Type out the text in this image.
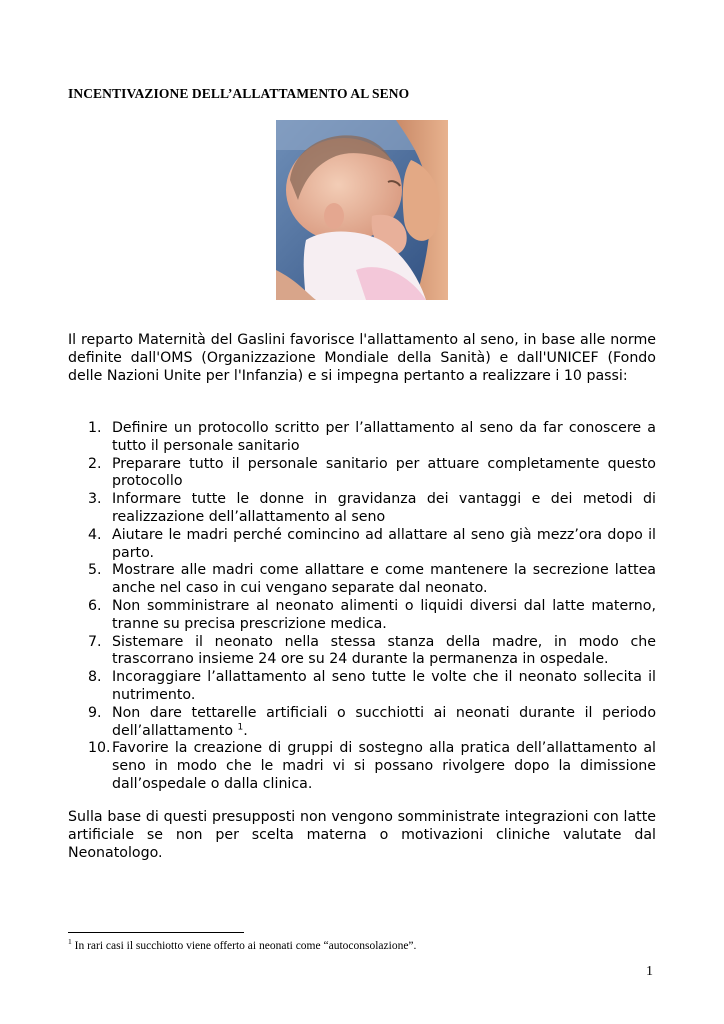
INCENTIVAZIONE DELL’ALLATTAMENTO AL SENO

Il reparto Maternità del Gaslini favorisce l'allattamento al seno, in base alle norme definite dall'OMS (Organizzazione Mondiale della Sanità) e dall'UNICEF (Fondo delle Nazioni Unite per l'Infanzia) e si impegna pertanto a realizzare i 10 passi:

1. Definire un protocollo scritto per l’allattamento al seno da far conoscere a tutto il personale sanitario
2. Preparare tutto il personale sanitario per attuare completamente questo protocollo
3. Informare tutte le donne in gravidanza dei vantaggi e dei metodi di realizzazione dell’allattamento al seno
4. Aiutare le madri perché comincino ad allattare al seno già mezz’ora dopo il parto.
5. Mostrare alle madri come allattare e come mantenere la secrezione lattea anche nel caso in cui vengano separate dal neonato.
6. Non somministrare al neonato alimenti o liquidi diversi dal latte materno, tranne su precisa prescrizione medica.
7. Sistemare il neonato nella stessa stanza della madre, in modo che trascorrano insieme 24 ore su 24 durante la permanenza in ospedale.
8. Incoraggiare l’allattamento al seno tutte le volte che il neonato sollecita il nutrimento.
9. Non dare tettarelle artificiali o succhiotti ai neonati durante il periodo dell’allattamento $^1$.
10. Favorire la creazione di gruppi di sostegno alla pratica dell’allattamento al seno in modo che le madri vi si possano rivolgere dopo la dimissione dall’ospedale o dalla clinica.

Sulla base di questi presupposti non vengono somministrate integrazioni con latte artificiale se non per scelta materna o motivazioni cliniche valutate dal Neonatologo.

$^1$ In rari casi il succhiotto viene offerto ai neonati come “autoconsolazione”.
1
